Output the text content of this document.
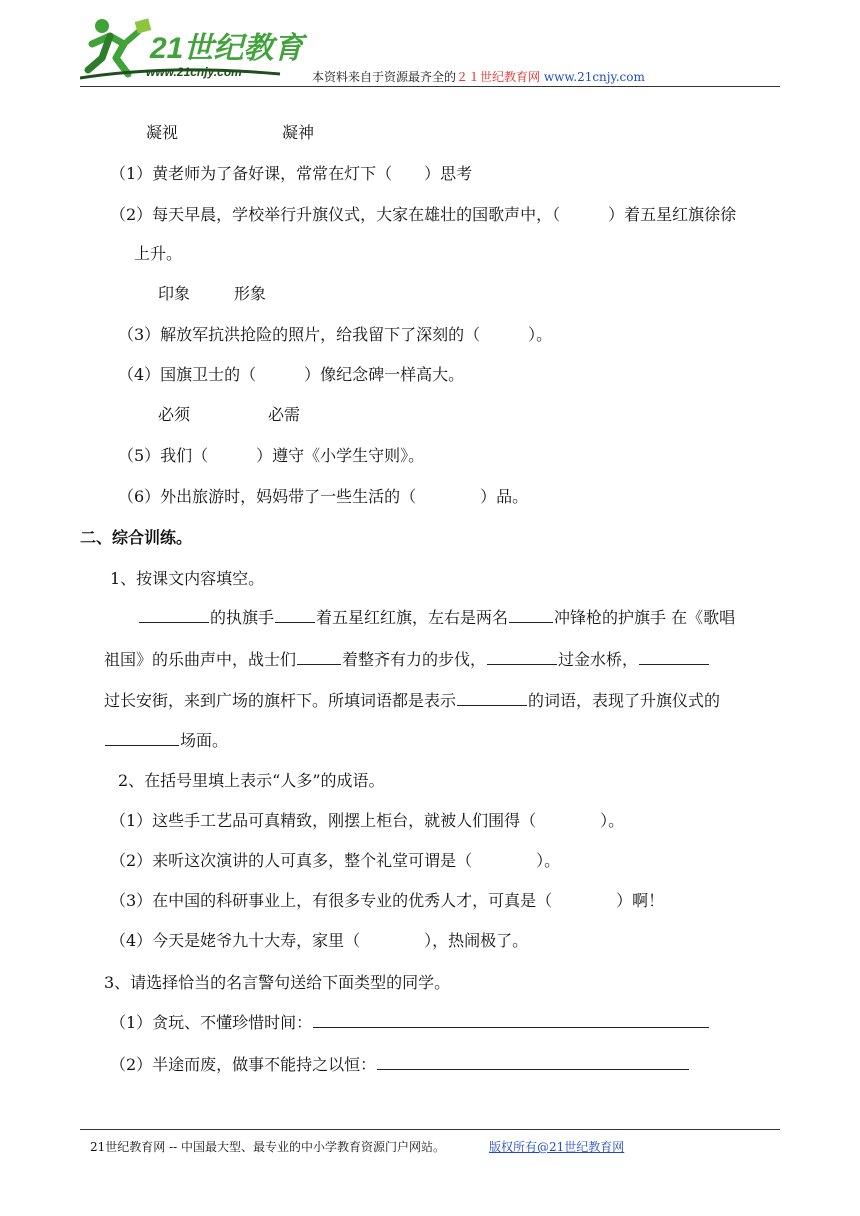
21世纪教育
www.21cnjy.com	本资料来自于资源最齐全的２１世纪教育网 www.21cnjy.com
凝视	凝神
（1）黄老师为了备好课，常常在灯下（　　）思考
（2）每天早晨，学校举行升旗仪式，大家在雄壮的国歌声中，（　　　）着五星红旗徐徐
上升。
印象	形象
（3）解放军抗洪抢险的照片，给我留下了深刻的（　　　）。
（4）国旗卫士的（　　　）像纪念碑一样高大。
必须	必需
（5）我们（　　　）遵守《小学生守则》。
（6）外出旅游时，妈妈带了一些生活的（　　　　）品。
二、综合训练。
1、按课文内容填空。
的执旗手	着五星红红旗，左右是两名	冲锋枪的护旗手 在《歌唱
祖国》的乐曲声中，战士们	着整齐有力的步伐，	过金水桥，
过长安街，来到广场的旗杆下。所填词语都是表示	的词语，表现了升旗仪式的
场面。
2、在括号里填上表示“人多”的成语。
（1）这些手工艺品可真精致，刚摆上柜台，就被人们围得（　　　　）。
（2）来听这次演讲的人可真多，整个礼堂可谓是（　　　　）。
（3）在中国的科研事业上，有很多专业的优秀人才，可真是（　　　　）啊！
（4）今天是姥爷九十大寿，家里（　　　　），热闹极了。
3、请选择恰当的名言警句送给下面类型的同学。
（1）贪玩、不懂珍惜时间：
（2）半途而废，做事不能持之以恒：
21世纪教育网 -- 中国最大型、最专业的中小学教育资源门户网站。	版权所有@21世纪教育网
